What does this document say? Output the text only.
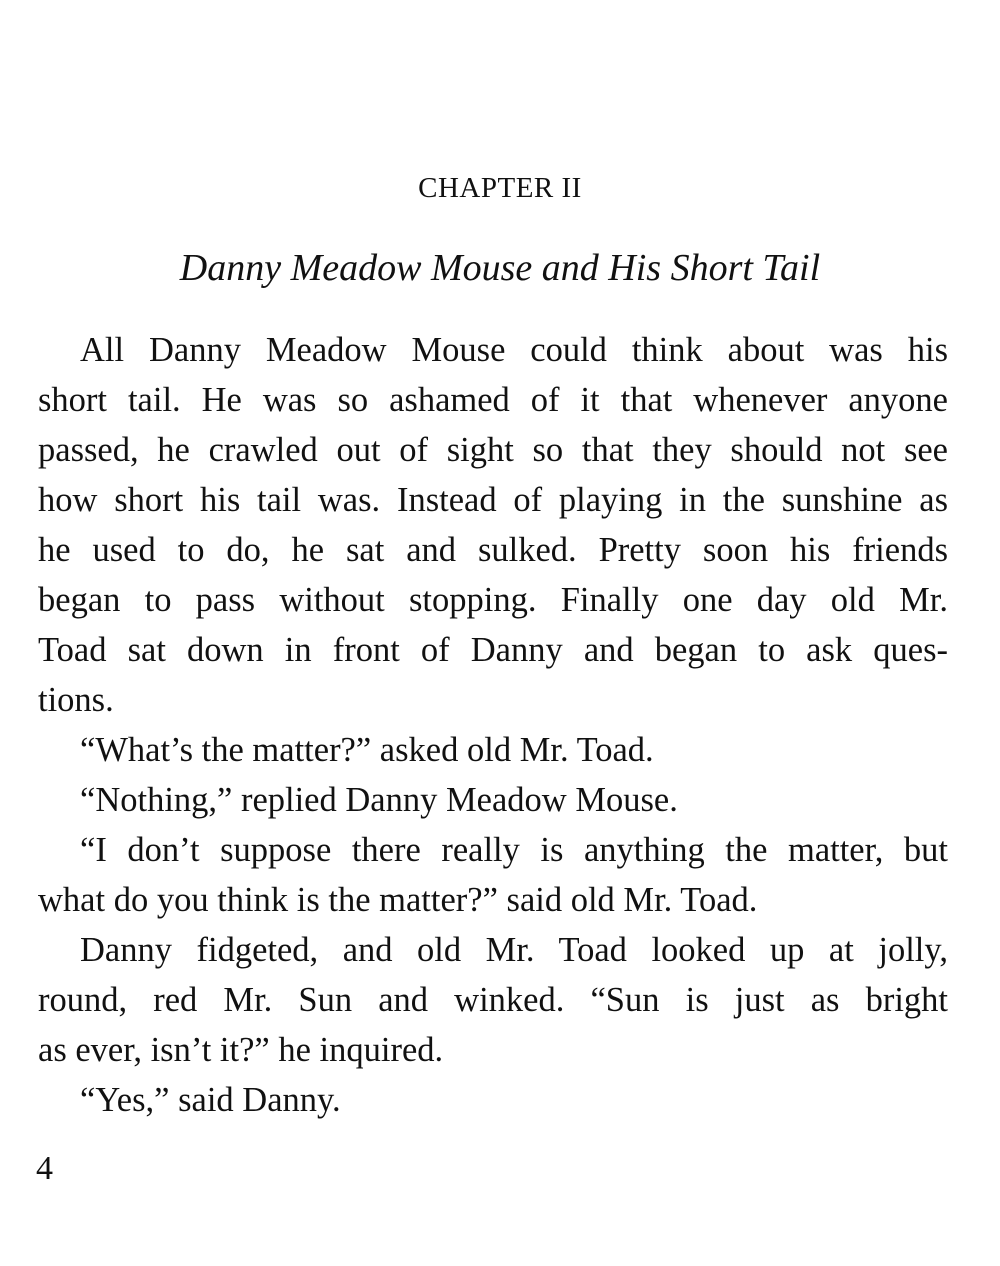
CHAPTER II
Danny Meadow Mouse and His Short Tail
All Danny Meadow Mouse could think about was his
short tail. He was so ashamed of it that whenever anyone
passed, he crawled out of sight so that they should not see
how short his tail was. Instead of playing in the sunshine as
he used to do, he sat and sulked. Pretty soon his friends
began to pass without stopping. Finally one day old Mr.
Toad sat down in front of Danny and began to ask ques-
tions.
“What’s the matter?” asked old Mr. Toad.
“Nothing,” replied Danny Meadow Mouse.
“I don’t suppose there really is anything the matter, but
what do you think is the matter?” said old Mr. Toad.
Danny fidgeted, and old Mr. Toad looked up at jolly,
round, red Mr. Sun and winked. “Sun is just as bright
as ever, isn’t it?” he inquired.
“Yes,” said Danny.
4
